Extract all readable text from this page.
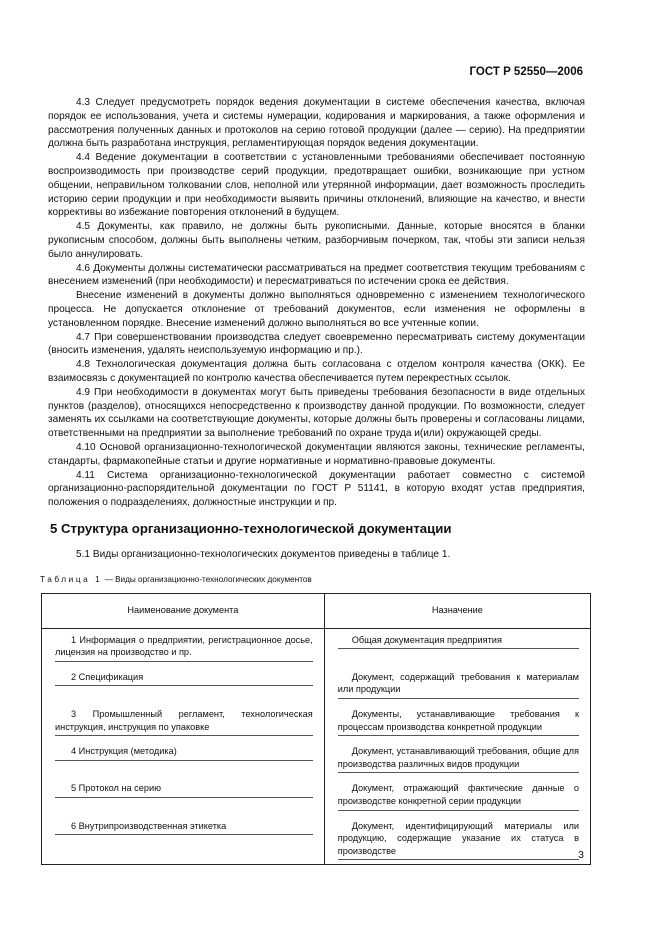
ГОСТ Р 52550—2006

4.3 Следует предусмотреть порядок ведения документации в системе обеспечения качества, включая порядок ее использования, учета и системы нумерации, кодирования и маркирования, а также оформления и рассмотрения полученных данных и протоколов на серию готовой продукции (далее — серию). На предприятии должна быть разработана инструкция, регламентирующая порядок ведения документации.

4.4 Ведение документации в соответствии с установленными требованиями обеспечивает постоянную воспроизводимость при производстве серий продукции, предотвращает ошибки, возникающие при устном общении, неправильном толковании слов, неполной или утерянной информации, дает возможность проследить историю серии продукции и при необходимости выявить причины отклонений, влияющие на качество, и внести коррективы во избежание повторения отклонений в будущем.

4.5 Документы, как правило, не должны быть рукописными. Данные, которые вносятся в бланки рукописным способом, должны быть выполнены четким, разборчивым почерком, так, чтобы эти записи нельзя было аннулировать.

4.6 Документы должны систематически рассматриваться на предмет соответствия текущим требованиям с внесением изменений (при необходимости) и пересматриваться по истечении срока ее действия.

Внесение изменений в документы должно выполняться одновременно с изменением технологического процесса. Не допускается отклонение от требований документов, если изменения не оформлены в установленном порядке. Внесение изменений должно выполняться во все учтенные копии.

4.7 При совершенствовании производства следует своевременно пересматривать систему документации (вносить изменения, удалять неиспользуемую информацию и пр.).

4.8 Технологическая документация должна быть согласована с отделом контроля качества (ОКК). Ее взаимосвязь с документацией по контролю качества обеспечивается путем перекрестных ссылок.

4.9 При необходимости в документах могут быть приведены требования безопасности в виде отдельных пунктов (разделов), относящихся непосредственно к производству данной продукции. По возможности, следует заменять их ссылками на соответствующие документы, которые должны быть проверены и согласованы лицами, ответственными на предприятии за выполнение требований по охране труда и(или) окружающей среды.

4.10 Основой организационно-технологической документации являются законы, технические регламенты, стандарты, фармакопейные статьи и другие нормативные и нормативно-правовые документы.

4.11 Система организационно-технологической документации работает совместно с системой организационно-распорядительной документации по ГОСТ Р 51141, в которую входят устав предприятия, положения о подразделениях, должностные инструкции и пр.

5 Структура организационно-технологической документации

5.1 Виды организационно-технологических документов приведены в таблице 1.

Таблица 1 — Виды организационно-технологических документов
Наименование документа	Назначение

1 Информация о предприятии, регистрационное досье, лицензия на производство и пр.	Общая документация предприятия

2 Спецификация	Документ, содержащий требования к материалам или продукции

3 Промышленный регламент, технологическая инструкция, инструкция по упаковке	Документы, устанавливающие требования к процессам производства конкретной продукции

4 Инструкция (методика)	Документ, устанавливающий требования, общие для производства различных видов продукции

5 Протокол на серию	Документ, отражающий фактические данные о производстве конкретной серии продукции

6 Внутрипроизводственная этикетка	Документ, идентифицирующий материалы или продукцию, содержащие указание их статуса в производстве	3
